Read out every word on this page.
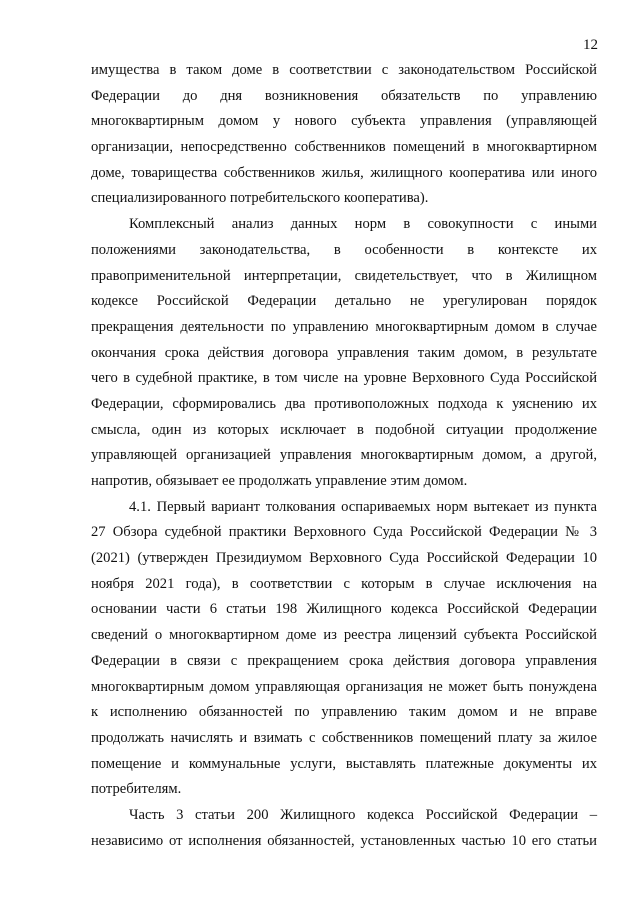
12
имущества в таком доме в соответствии с законодательством Российской
Федерации до дня возникновения обязательств по управлению
многоквартирным домом у нового субъекта управления (управляющей
организации, непосредственно собственников помещений в многоквартирном
доме, товарищества собственников жилья, жилищного кооператива или иного
специализированного потребительского кооператива).
Комплексный анализ данных норм в совокупности с иными
положениями законодательства, в особенности в контексте их
правоприменительной интерпретации, свидетельствует, что в Жилищном
кодексе Российской Федерации детально не урегулирован порядок
прекращения деятельности по управлению многоквартирным домом в случае
окончания срока действия договора управления таким домом, в результате
чего в судебной практике, в том числе на уровне Верховного Суда Российской
Федерации, сформировались два противоположных подхода к уяснению их
смысла, один из которых исключает в подобной ситуации продолжение
управляющей организацией управления многоквартирным домом, а другой,
напротив, обязывает ее продолжать управление этим домом.
4.1. Первый вариант толкования оспариваемых норм вытекает из пункта
27 Обзора судебной практики Верховного Суда Российской Федерации № 3
(2021) (утвержден Президиумом Верховного Суда Российской Федерации 10
ноября 2021 года), в соответствии с которым в случае исключения на
основании части 6 статьи 198 Жилищного кодекса Российской Федерации
сведений о многоквартирном доме из реестра лицензий субъекта Российской
Федерации в связи с прекращением срока действия договора управления
многоквартирным домом управляющая организация не может быть понуждена
к исполнению обязанностей по управлению таким домом и не вправе
продолжать начислять и взимать с собственников помещений плату за жилое
помещение и коммунальные услуги, выставлять платежные документы их
потребителям.
Часть 3 статьи 200 Жилищного кодекса Российской Федерации –
независимо от исполнения обязанностей, установленных частью 10 его статьи
